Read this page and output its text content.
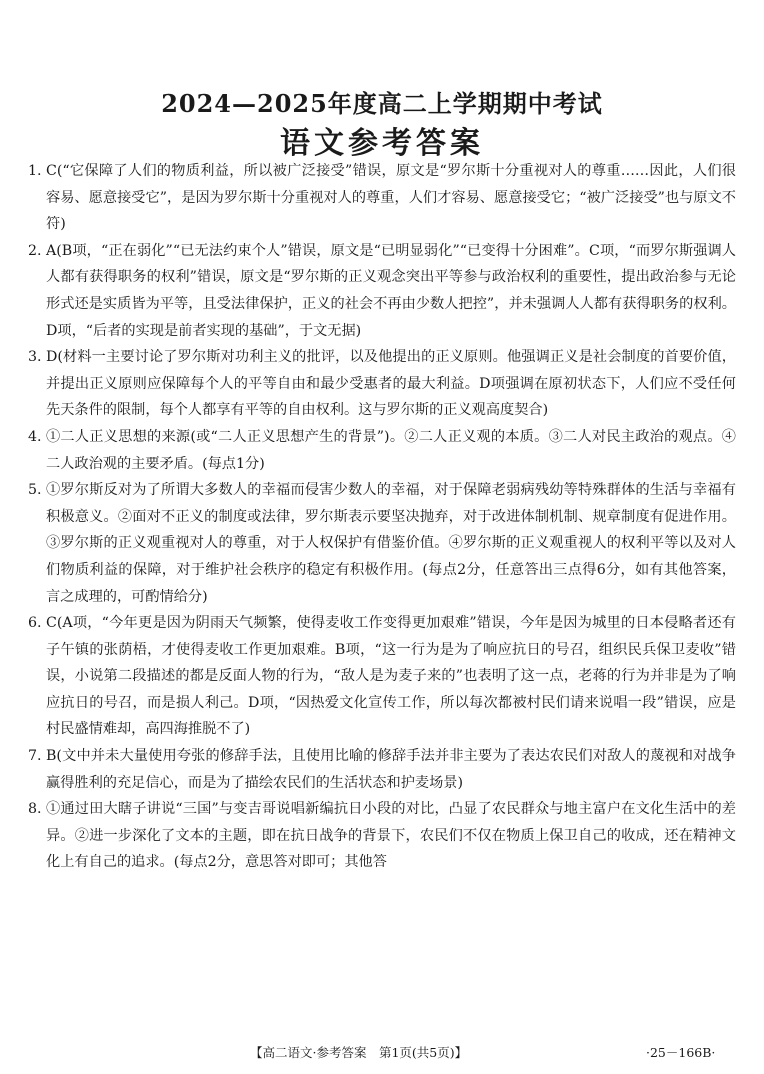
2024—2025年度高二上学期期中考试
语文参考答案
1. C(“它保障了人们的物质利益，所以被广泛接受”错误，原文是“罗尔斯十分重视对人的尊重……因此，人们很容易、愿意接受它”，是因为罗尔斯十分重视对人的尊重，人们才容易、愿意接受它；“被广泛接受”也与原文不符)
2. A(B项，“正在弱化”“已无法约束个人”错误，原文是“已明显弱化”“已变得十分困难”。C项，“而罗尔斯强调人人都有获得职务的权利”错误，原文是“罗尔斯的正义观念突出平等参与政治权利的重要性，提出政治参与无论形式还是实质皆为平等，且受法律保护，正义的社会不再由少数人把控”，并未强调人人都有获得职务的权利。D项，“后者的实现是前者实现的基础”，于文无据)
3. D(材料一主要讨论了罗尔斯对功利主义的批评，以及他提出的正义原则。他强调正义是社会制度的首要价值，并提出正义原则应保障每个人的平等自由和最少受惠者的最大利益。D项强调在原初状态下，人们应不受任何先天条件的限制，每个人都享有平等的自由权利。这与罗尔斯的正义观高度契合)
4. ①二人正义思想的来源(或“二人正义思想产生的背景”)。②二人正义观的本质。③二人对民主政治的观点。④二人政治观的主要矛盾。(每点1分)
5. ①罗尔斯反对为了所谓大多数人的幸福而侵害少数人的幸福，对于保障老弱病残幼等特殊群体的生活与幸福有积极意义。②面对不正义的制度或法律，罗尔斯表示要坚决抛弃，对于改进体制机制、规章制度有促进作用。③罗尔斯的正义观重视对人的尊重，对于人权保护有借鉴价值。④罗尔斯的正义观重视人的权利平等以及对人们物质利益的保障，对于维护社会秩序的稳定有积极作用。(每点2分，任意答出三点得6分，如有其他答案，言之成理的，可酌情给分)
6. C(A项，“今年更是因为阴雨天气频繁，使得麦收工作变得更加艰难”错误，今年是因为城里的日本侵略者还有子午镇的张荫梧，才使得麦收工作更加艰难。B项，“这一行为是为了响应抗日的号召，组织民兵保卫麦收”错误，小说第二段描述的都是反面人物的行为，“敌人是为麦子来的”也表明了这一点，老蒋的行为并非是为了响应抗日的号召，而是损人利己。D项，“因热爱文化宣传工作，所以每次都被村民们请来说唱一段”错误，应是村民盛情难却，高四海推脱不了)
7. B(文中并未大量使用夸张的修辞手法，且使用比喻的修辞手法并非主要为了表达农民们对敌人的蔑视和对战争赢得胜利的充足信心，而是为了描绘农民们的生活状态和护麦场景)
8. ①通过田大瞎子讲说“三国”与变吉哥说唱新编抗日小段的对比，凸显了农民群众与地主富户在文化生活中的差异。②进一步深化了文本的主题，即在抗日战争的背景下，农民们不仅在物质上保卫自己的收成，还在精神文化上有自己的追求。(每点2分，意思答对即可；其他答
【高二语文·参考答案　第1页(共5页)】	·25－166B·
